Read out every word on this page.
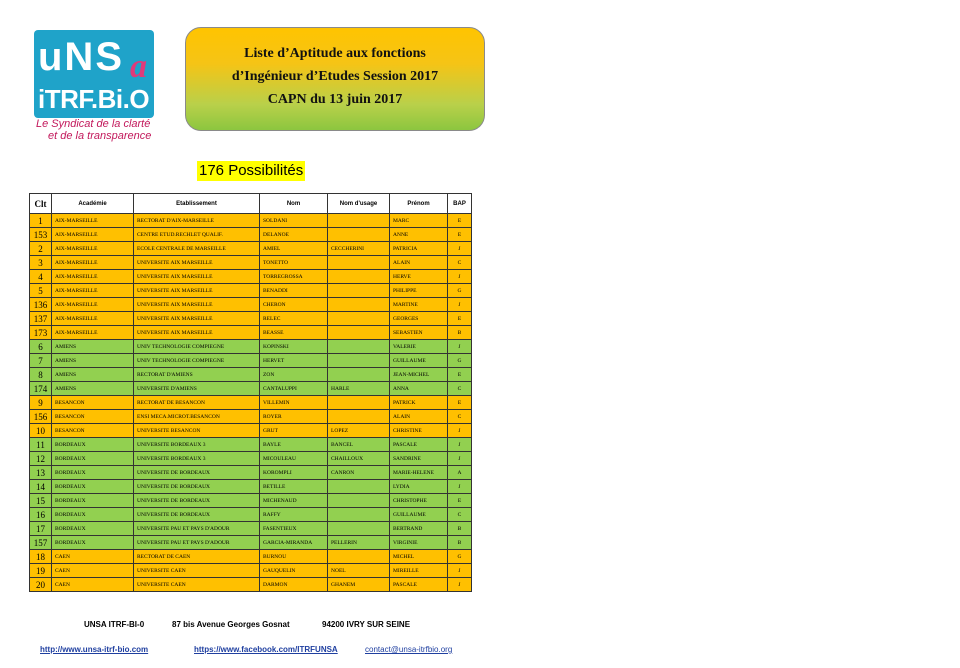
uNS a
iTRF.Bi.O
Le Syndicat de la clarté
et de la transparence
Liste d’Aptitude aux fonctions
d’Ingénieur d’Etudes Session 2017
CAPN du 13 juin 2017
176 Possibilités
Clt	Académie	Etablissement	Nom	Nom d'usage	Prénom	BAP
1	AIX-MARSEILLE	RECTORAT D'AIX-MARSEILLE	SOLDANI		MARC	E
153	AIX-MARSEILLE	CENTRE ETUD.RECHLET QUALIF.	DELANOE		ANNE	E
2	AIX-MARSEILLE	ECOLE CENTRALE DE MARSEILLE	AMIEL	CECCHERINI	PATRICIA	J
3	AIX-MARSEILLE	UNIVERSITE AIX MARSEILLE	TONETTO		ALAIN	C
4	AIX-MARSEILLE	UNIVERSITE AIX MARSEILLE	TORREGROSSA		HERVE	J
5	AIX-MARSEILLE	UNIVERSITE AIX MARSEILLE	BENADDI		PHILIPPE	G
136	AIX-MARSEILLE	UNIVERSITE AIX MARSEILLE	CHERON		MARTINE	J
137	AIX-MARSEILLE	UNIVERSITE AIX MARSEILLE	RELEC		GEORGES	E
173	AIX-MARSEILLE	UNIVERSITE AIX MARSEILLE	BEASSE		SEBASTIEN	B
6	AMIENS	UNIV TECHNOLOGIE COMPIEGNE	KOPINSKI		VALERIE	J
7	AMIENS	UNIV TECHNOLOGIE COMPIEGNE	HERVET		GUILLAUME	G
8	AMIENS	RECTORAT D'AMIENS	ZON		JEAN-MICHEL	E
174	AMIENS	UNIVERSITE D'AMIENS	CANTALUPPI	HARLE	ANNA	C
9	BESANCON	RECTORAT DE BESANCON	VILLEMIN		PATRICK	E
156	BESANCON	ENSI MECA.MICROT.BESANCON	ROYER		ALAIN	C
10	BESANCON	UNIVERSITE BESANCON	GRUT	LOPEZ	CHRISTINE	J
11	BORDEAUX	UNIVERSITE BORDEAUX 3	BAYLE	BANCEL	PASCALE	J
12	BORDEAUX	UNIVERSITE BORDEAUX 3	MICOULEAU	CHAILLOUX	SANDRINE	J
13	BORDEAUX	UNIVERSITE DE BORDEAUX	KOROMPLI	CANRON	MARIE-HELENE	A
14	BORDEAUX	UNIVERSITE DE BORDEAUX	BETILLE		LYDIA	J
15	BORDEAUX	UNIVERSITE DE BORDEAUX	MICHENAUD		CHRISTOPHE	E
16	BORDEAUX	UNIVERSITE DE BORDEAUX	RAFFY		GUILLAUME	C
17	BORDEAUX	UNIVERSITE PAU ET PAYS D'ADOUR	FASENTIEUX		BERTRAND	B
157	BORDEAUX	UNIVERSITE PAU ET PAYS D'ADOUR	GARCIA-MIRANDA	PELLERIN	VIRGINIE	B
18	CAEN	RECTORAT DE CAEN	BURNOU		MICHEL	G
19	CAEN	UNIVERSITE CAEN	GAUQUELIN	NOEL	MIREILLE	J
20	CAEN	UNIVERSITE CAEN	DARMON	GHANEM	PASCALE	J
UNSA ITRF-BI-0	87 bis Avenue Georges Gosnat	94200 IVRY SUR SEINE
http://www.unsa-itrf-bio.com	https://www.facebook.com/ITRFUNSA	contact@unsa-itrfbio.org
